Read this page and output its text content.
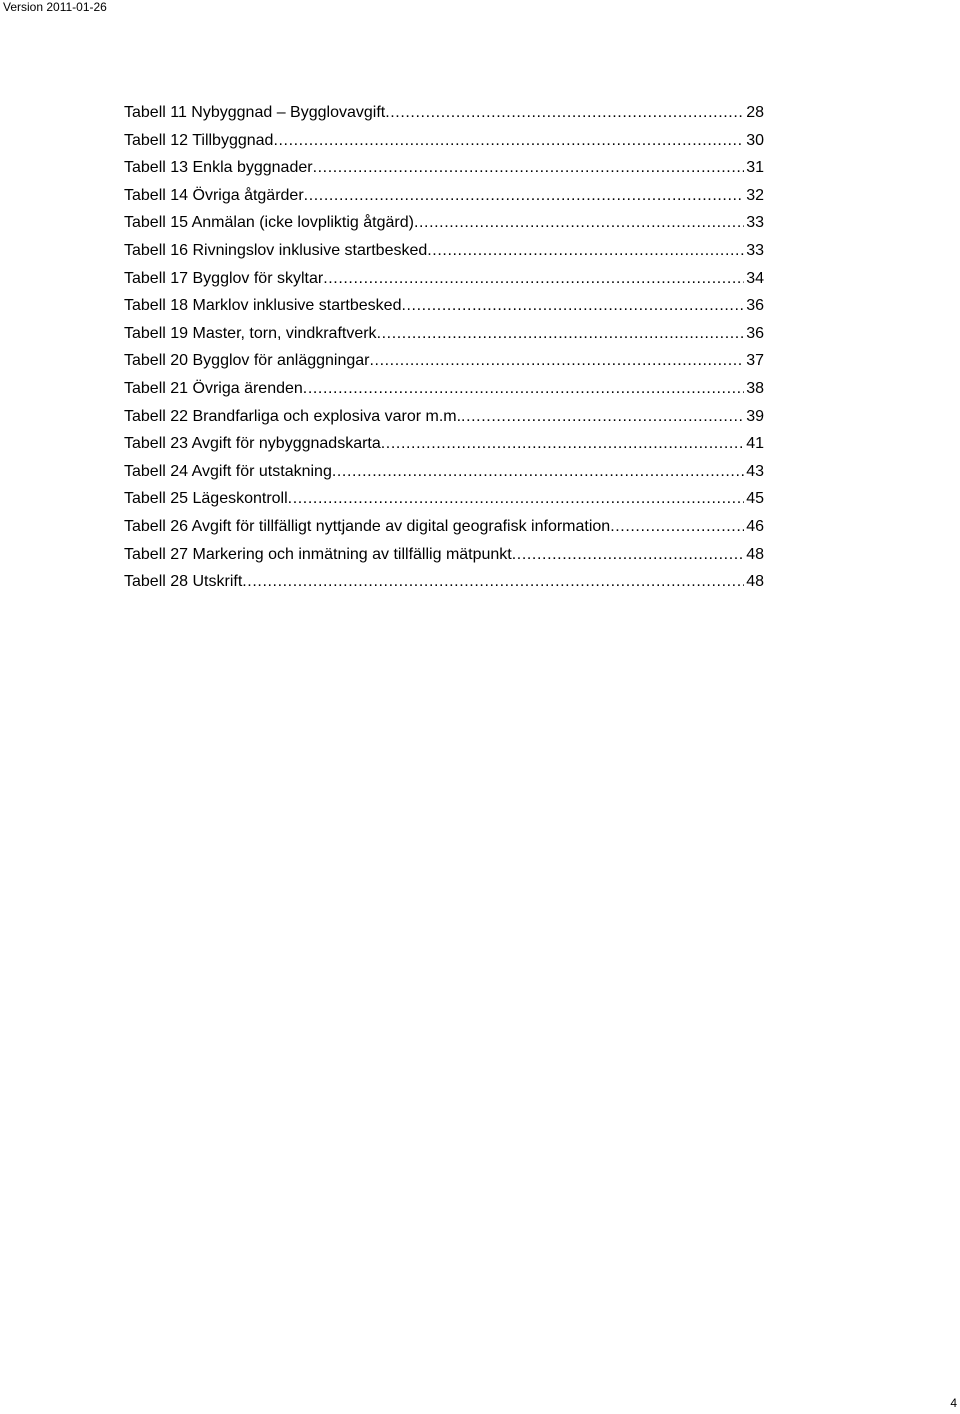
Version 2011-01-26
Tabell 11 Nybyggnad – Bygglovavgift .....	28
Tabell 12 Tillbyggnad .....	30
Tabell 13 Enkla byggnader .....	31
Tabell 14 Övriga åtgärder .....	32
Tabell 15 Anmälan (icke lovpliktig åtgärd) .....	33
Tabell 16 Rivningslov inklusive startbesked .....	33
Tabell 17 Bygglov för skyltar .....	34
Tabell 18 Marklov inklusive startbesked .....	36
Tabell 19 Master, torn, vindkraftverk .....	36
Tabell 20 Bygglov för anläggningar .....	37
Tabell 21 Övriga ärenden .....	38
Tabell 22 Brandfarliga och explosiva varor m.m. .....	39
Tabell 23 Avgift för nybyggnadskarta .....	41
Tabell 24 Avgift för utstakning .....	43
Tabell 25 Lägeskontroll .....	45
Tabell 26 Avgift för tillfälligt nyttjande av digital geografisk information .....	46
Tabell 27 Markering och inmätning av tillfällig mätpunkt .....	48
Tabell 28 Utskrift .....	48
4
